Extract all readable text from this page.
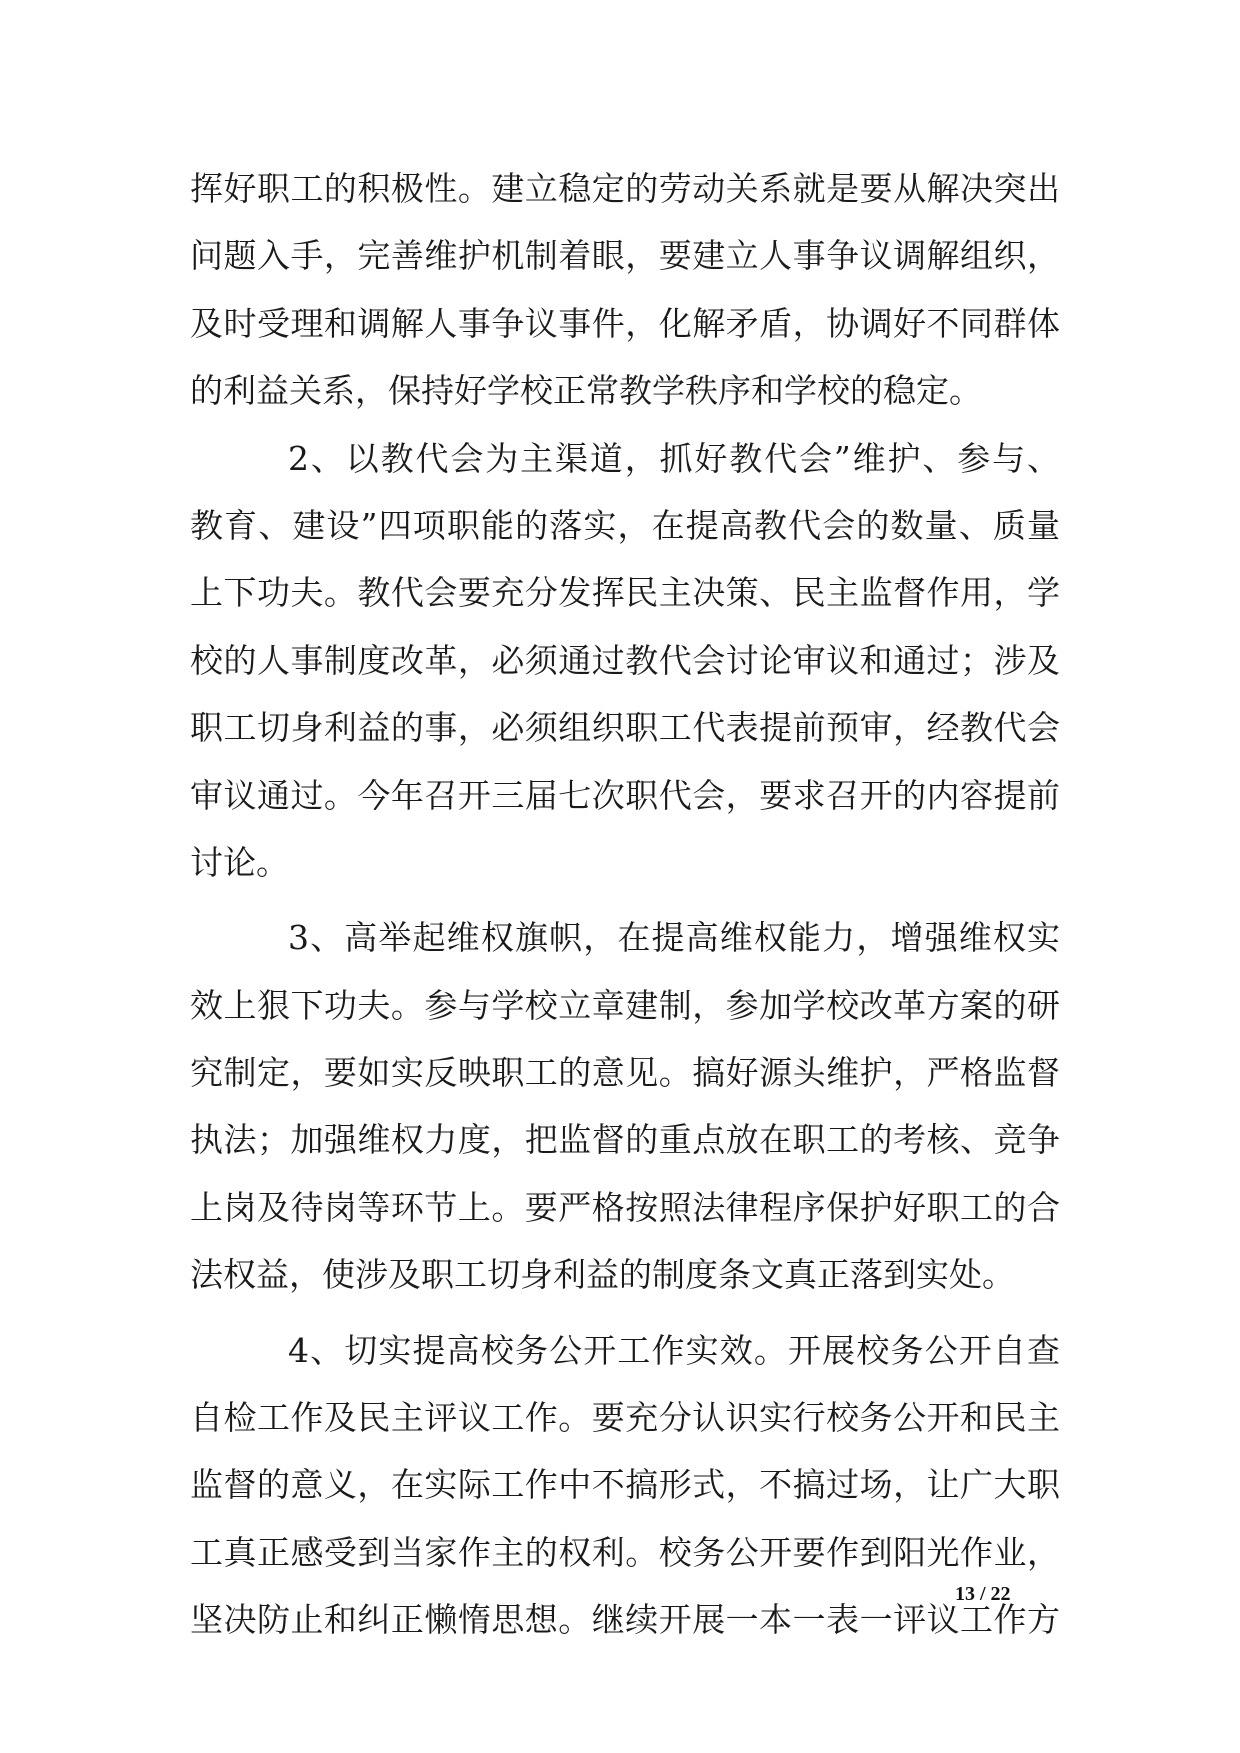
挥好职工的积极性。建立稳定的劳动关系就是要从解决突出
问题入手，完善维护机制着眼，要建立人事争议调解组织，
及时受理和调解人事争议事件，化解矛盾，协调好不同群体
的利益关系，保持好学校正常教学秩序和学校的稳定。
2、以教代会为主渠道，抓好教代会”维护、参与、
教育、建设”四项职能的落实，在提高教代会的数量、质量
上下功夫。教代会要充分发挥民主决策、民主监督作用，学
校的人事制度改革，必须通过教代会讨论审议和通过；涉及
职工切身利益的事，必须组织职工代表提前预审，经教代会
审议通过。今年召开三届七次职代会，要求召开的内容提前
讨论。
3、高举起维权旗帜，在提高维权能力，增强维权实
效上狠下功夫。参与学校立章建制，参加学校改革方案的研
究制定，要如实反映职工的意见。搞好源头维护，严格监督
执法；加强维权力度，把监督的重点放在职工的考核、竞争
上岗及待岗等环节上。要严格按照法律程序保护好职工的合
法权益，使涉及职工切身利益的制度条文真正落到实处。
4、切实提高校务公开工作实效。开展校务公开自查
自检工作及民主评议工作。要充分认识实行校务公开和民主
监督的意义，在实际工作中不搞形式，不搞过场，让广大职
工真正感受到当家作主的权利。校务公开要作到阳光作业，
坚决防止和纠正懒惰思想。继续开展一本一表一评议工作方
13 / 22
